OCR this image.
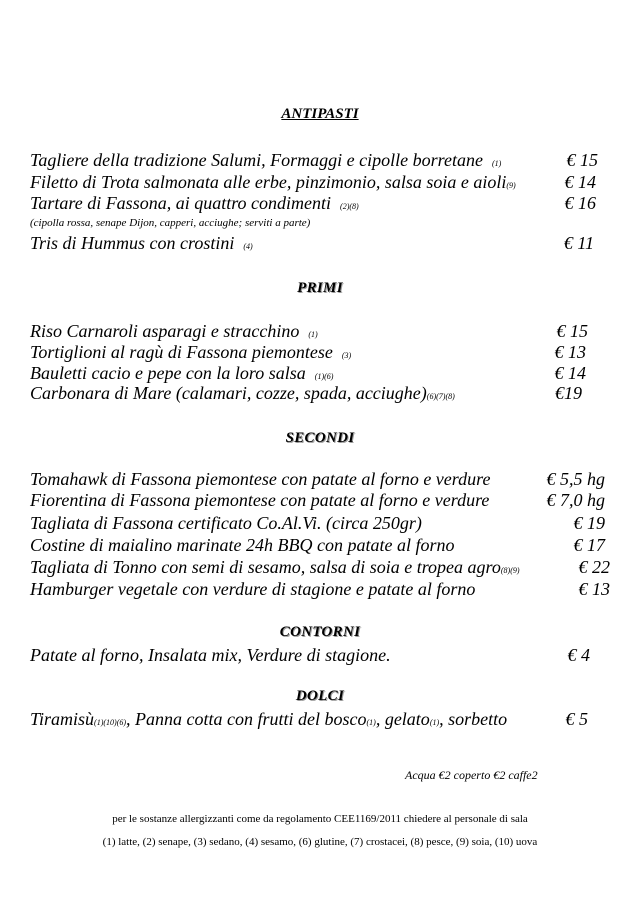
ANTIPASTI
Tagliere della tradizione Salumi, Formaggi e cipolle borretane (1)	€ 15
Filetto di Trota salmonata alle erbe, pinzimonio, salsa soia e aioli(9)	€ 14
Tartare di Fassona, ai quattro condimenti (2)(8)	€ 16
(cipolla rossa, senape Dijon, capperi, acciughe; serviti a parte)
Tris di Hummus con crostini (4)	€ 11
PRIMI
Riso Carnaroli asparagi e stracchino (1)	€ 15
Tortiglioni al ragù di Fassona piemontese (3)	€ 13
Bauletti cacio e pepe con la loro salsa (1)(6)	€ 14
Carbonara di Mare (calamari, cozze, spada, acciughe)(6)(7)(8)	€19
SECONDI
Tomahawk di Fassona piemontese con patate al forno e verdure	€ 5,5 hg
Fiorentina di Fassona piemontese con patate al forno e verdure	€ 7,0 hg
Tagliata di Fassona certificato Co.Al.Vi. (circa 250gr)	€ 19
Costine di maialino marinate 24h BBQ con patate al forno	€ 17
Tagliata di Tonno con semi di sesamo, salsa di soia e tropea agro(8)(9)	€ 22
Hamburger vegetale con verdure di stagione e patate al forno	€ 13
CONTORNI
Patate al forno, Insalata mix, Verdure di stagione.	€ 4
DOLCI
Tiramisù(1)(10)(6), Panna cotta con frutti del bosco(1), gelato(1), sorbetto	€ 5
Acqua €2 coperto €2 caffe2
per le sostanze allergizzanti come da regolamento CEE1169/2011 chiedere al personale di sala
(1) latte, (2) senape, (3) sedano, (4) sesamo, (6) glutine, (7) crostacei, (8) pesce, (9) soia, (10) uova
